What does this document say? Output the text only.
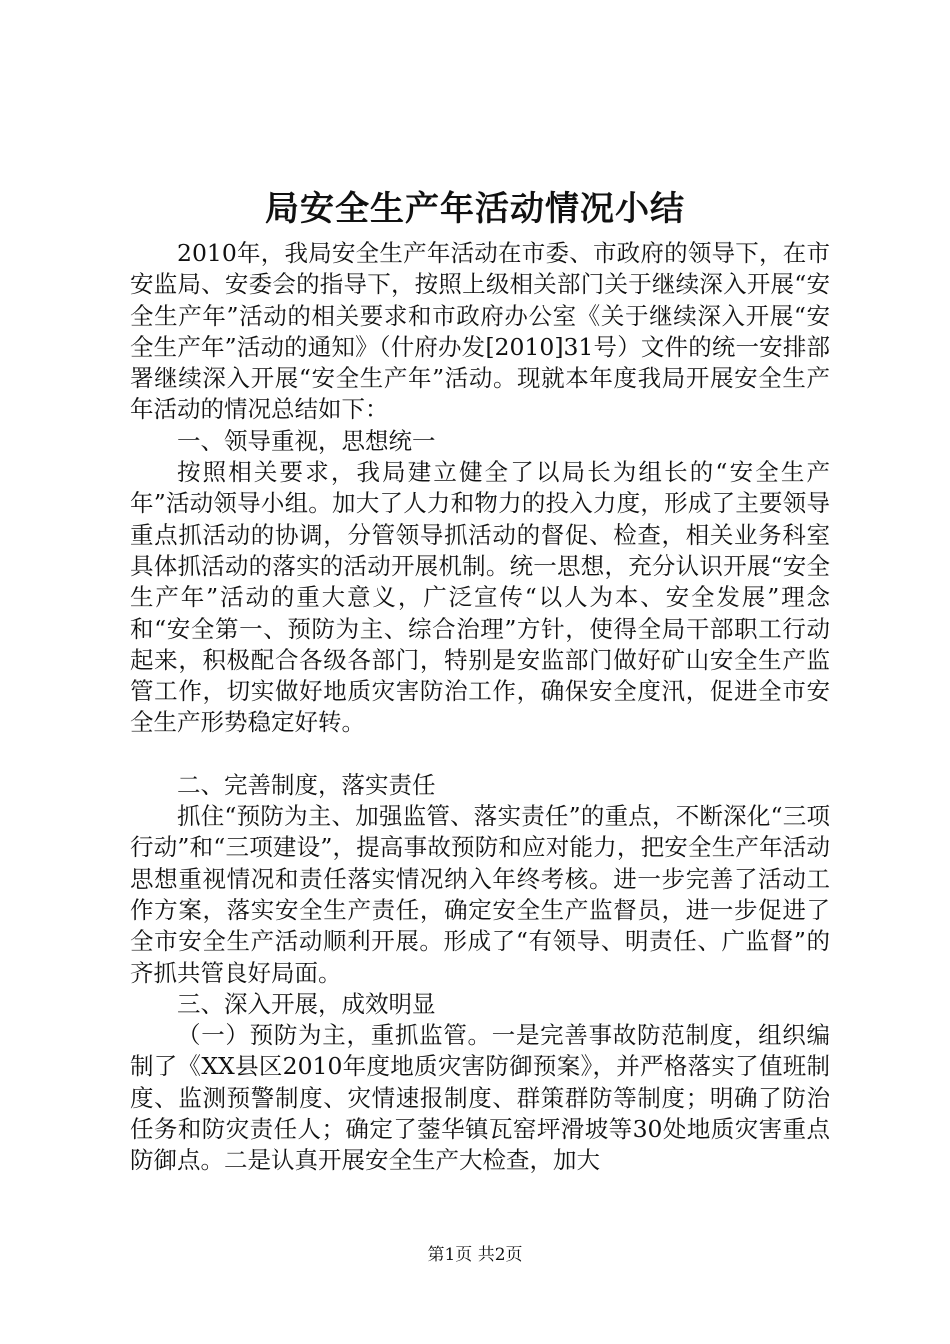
局安全生产年活动情况小结

2010年，我局安全生产年活动在市委、市政府的领导下，在市安监局、安委会的指导下，按照上级相关部门关于继续深入开展“安全生产年”活动的相关要求和市政府办公室《关于继续深入开展“安全生产年”活动的通知》（什府办发[2010]31号）文件的统一安排部署继续深入开展“安全生产年”活动。现就本年度我局开展安全生产年活动的情况总结如下：

一、领导重视，思想统一

按照相关要求，我局建立健全了以局长为组长的“安全生产年”活动领导小组。加大了人力和物力的投入力度，形成了主要领导重点抓活动的协调，分管领导抓活动的督促、检查，相关业务科室具体抓活动的落实的活动开展机制。统一思想，充分认识开展“安全生产年”活动的重大意义，广泛宣传“以人为本、安全发展”理念和“安全第一、预防为主、综合治理”方针，使得全局干部职工行动起来，积极配合各级各部门，特别是安监部门做好矿山安全生产监管工作，切实做好地质灾害防治工作，确保安全度汛，促进全市安全生产形势稳定好转。

二、完善制度，落实责任

抓住“预防为主、加强监管、落实责任”的重点，不断深化“三项行动”和“三项建设”，提高事故预防和应对能力，把安全生产年活动思想重视情况和责任落实情况纳入年终考核。进一步完善了活动工作方案，落实安全生产责任，确定安全生产监督员，进一步促进了全市安全生产活动顺利开展。形成了“有领导、明责任、广监督”的齐抓共管良好局面。

三、深入开展，成效明显

（一）预防为主，重抓监管。一是完善事故防范制度，组织编制了《XX县区2010年度地质灾害防御预案》，并严格落实了值班制度、监测预警制度、灾情速报制度、群策群防等制度；明确了防治任务和防灾责任人；确定了蓥华镇瓦窑坪滑坡等30处地质灾害重点防御点。二是认真开展安全生产大检查，加大

第1页 共2页
